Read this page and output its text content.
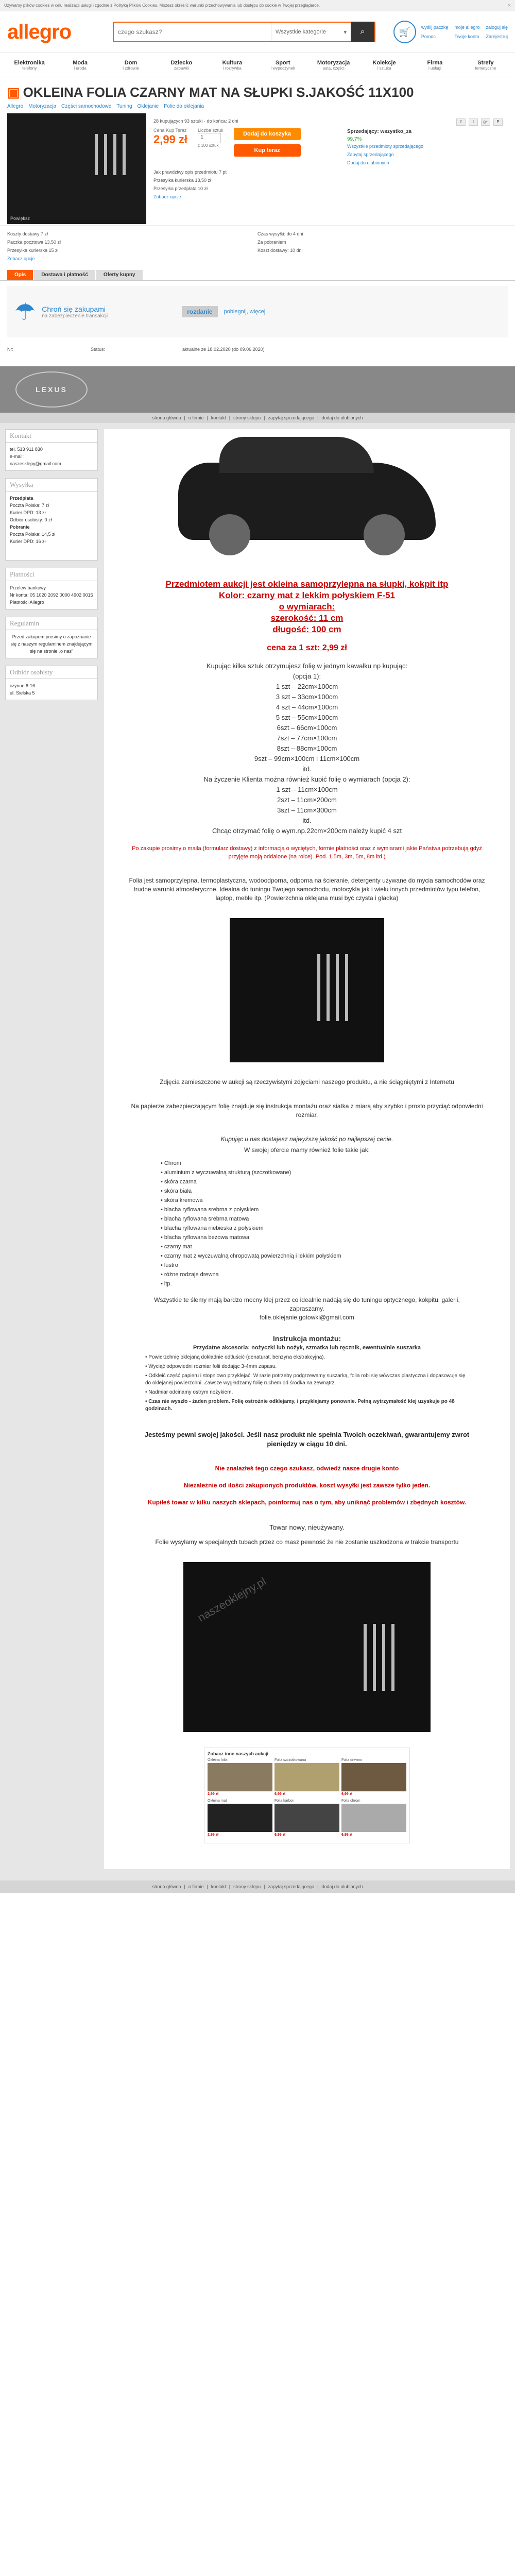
Używamy plików cookies w celu realizacji usługi i zgodnie z Polityką Plików Cookies. Możesz określić warunki przechowywania lub dostępu do cookie w Twojej przeglądarce.	×
allegro
czego szukasz?	Wszystkie kategorie	▾ ⌕	🛒	wyślij paczkę moje allegro zaloguj się
Pomoc	Twoje konto Zarejestruj
Elektronika
telefony
Moda
i uroda
Dom
i zdrowie
Dziecko
zabawki
Kultura
i rozrywka
Sport
i wypoczynek
Motoryzacja
auta, części
Kolekcje
i sztuka
Firma
i usługi
Strefy
tematyczne
▣ OKLEINA FOLIA CZARNY MAT NA SŁUPKI S.JAKOŚĆ 11X100
Allegro Motoryzacja Części samochodowe Tuning Oklejanie Folie do oklejania
Powiększ
28 kupujących 93 sztuki · do końca: 2 dni
Cena Kup Teraz
2,99 zł
Liczba sztuk
1
z 100 sztuk
Dodaj do koszyka
Kup teraz
Jak prawdziwy opis przedmiotu 7 pt
Przesyłka kurierska 13,50 zł
Przesyłka przedpłata 10 zł
Zobacz opcje
f	t	g+	P
Sprzedający: wszystko_za
99,7%
Wszystkie przedmioty sprzedającego
Zapytaj sprzedającego
Dodaj do ulubionych
Koszty dostawy 7 zł
Paczka pocztowa 13,50 zł
Przesyłka kurierska 15 zł
Zobacz opcje
Czas wysyłki: do 4 dni
Za pobraniem
Koszt dostawy: 10 dni
Opis	Dostawa i płatność	Oferty kupny
☂ Chroń się zakupami
na zabezpieczenie transakcji
rozdanie	pobiegnij, więcej
Nr:	Status:	aktualne ze 18.02.2020 (do 09.06.2020)
LEXUS
strona główna | o firmie | kontakt | strony sklepu | zapytaj sprzedającego | dodaj do ulubionych
Kontakt
tel. 513 911 830
e-mail:
naszesklepy@gmail.com
Wysyłka
Przedpłata
Poczta Polska: 7 zł
Kurier DPD: 13 zł
Odbiór osobisty: 0 zł
Pobranie
Poczta Polska: 14,5 zł
Kurier DPD: 16 zł
Płatności
Przelew bankowy
Nr konta: 05 1020 2092 0000 4902 0015
Płatności Allegro
Regulamin
Przed zakupem prosimy o zapoznanie się z naszym regulaminem znajdującym się na stronie „o nas”
Odbiór osobisty
czynne 8-16
ul. Sielska 5
Przedmiotem aukcji jest okleina samoprzylepna na słupki, kokpit itp
Kolor: czarny mat z lekkim połyskiem F-51
o wymiarach:
szerokość: 11 cm
długość: 100 cm
cena za 1 szt: 2,99 zł
Kupując kilka sztuk otrzymujesz folię w jednym kawałku np kupując:
(opcja 1):
1 szt – 22cm×100cm
3 szt – 33cm×100cm
4 szt – 44cm×100cm
5 szt – 55cm×100cm
6szt – 66cm×100cm
7szt – 77cm×100cm
8szt – 88cm×100cm
9szt – 99cm×100cm i 11cm×100cm
itd.
Na życzenie Klienta można również kupić folię o wymiarach (opcja 2):
1 szt – 11cm×100cm
2szt – 11cm×200cm
3szt – 11cm×300cm
itd.
Chcąc otrzymać folię o wym.np.22cm×200cm należy kupić 4 szt
Po zakupie prosimy o maila (formularz dostawy) z informacją o wyciętych, formie płatności oraz z wymiarami jakie Państwa potrzebują gdyż przyjęte moją oddalone (na rolce). Pod. 1,5m, 3m, 5m, 8m itd.)
Folia jest samoprzylepna, termoplastyczna, wodoodporna, odporna na ścieranie, detergenty używane do mycia samochodów oraz trudne warunki atmosferyczne. Idealna do tuningu Twojego samochodu, motocykla jak i wielu innych przedmiotów typu telefon, laptop, meble itp. (Powierzchnia oklejana musi być czysta i gładka)
Zdjęcia zamieszczone w aukcji są rzeczywistymi zdjęciami naszego produktu, a nie ściągniętymi z Internetu
Na papierze zabezpieczającym folię znajduje się instrukcja montażu oraz siatka z miarą aby szybko i prosto przyciąć odpowiedni rozmiar.
Kupując u nas dostajesz najwyższą jakość po najlepszej cenie.
W swojej ofercie mamy również folie takie jak:
• Chrom
• aluminium z wyczuwalną strukturą (szczotkowane)
• skóra czarna
• skóra biała
• skóra kremowa
• blacha ryflowana srebrna z połyskiem
• blacha ryflowana srebrna matowa
• blacha ryflowana niebieska z połyskiem
• blacha ryflowana beżowa matowa
• czarny mat
• czarny mat z wyczuwalną chropowatą powierzchnią i lekkim połyskiem
• lustro
• różne rodzaje drewna
• itp.
Wszystkie te ślemy mają bardzo mocny klej przez co idealnie nadają się do tuningu optycznego, kokpitu, galerii, zapraszamy.
folie.oklejanie.gotowki@gmail.com
Instrukcja montażu:
Przydatne akcesoria: nożyczki lub nożyk, szmatka lub ręcznik, ewentualnie suszarka
• Powierzchnię oklejaną dokładnie odtłuścić (denaturat, benzyna ekstrakcyjna).
• Wyciąć odpowiedni rozmiar folii dodając 3-4mm zapasu.
• Odkleić część papieru i stopniowo przyklejać. W razie potrzeby podgrzewamy suszarką, folia robi się wówczas plastyczna i dopasowuje się do oklejanej powierzchni. Zawsze wygładzamy folię ruchem od środka na zewnątrz.
• Nadmiar odcinamy ostrym nożykiem.
• Czas nie wyszło - żaden problem. Folię ostrożnie odklejamy, i przyklejamy ponownie. Pełną wytrzymałość klej uzyskuje po 48 godzinach.
Jesteśmy pewni swojej jakości. Jeśli nasz produkt nie spełnia Twoich oczekiwań, gwarantujemy zwrot pieniędzy w ciągu 10 dni.
Nie znalazłeś tego czego szukasz, odwiedź nasze drugie konto
Niezależnie od ilości zakupionych produktów, koszt wysyłki jest zawsze tylko jeden.
Kupiłeś towar w kilku naszych sklepach, poinformuj nas o tym, aby uniknąć problemów i zbędnych kosztów.
Towar nowy, nieużywany.
Folie wysyłamy w specjalnych tubach przez co masz pewność że nie zostanie uszkodzona w trakcie transportu
naszeoklejny.pl
Zobacz inne naszych aukcji
Okleina folia
2,99 zł
Folia szczotkowana
6,99 zł
Folia drewno
6,99 zł
Okleina mat
2,99 zł
Folia karbon
6,99 zł
Folia chrom
6,99 zł
strona główna | o firmie | kontakt | strony sklepu | zapytaj sprzedającego | dodaj do ulubionych
